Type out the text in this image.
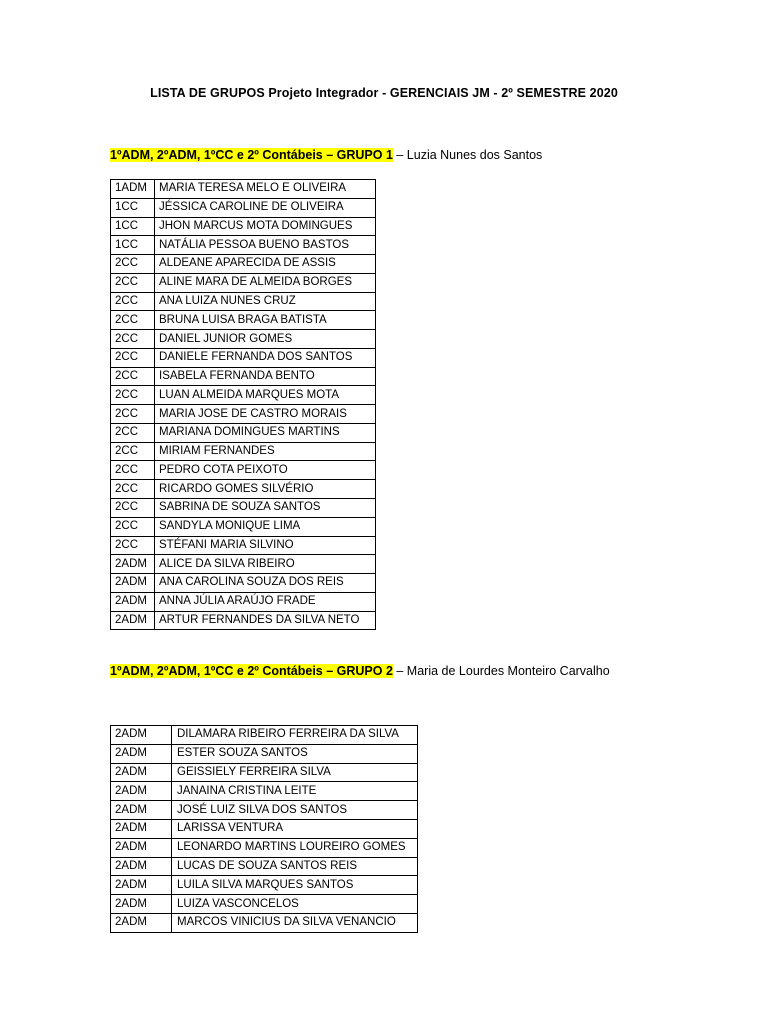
LISTA DE GRUPOS Projeto Integrador - GERENCIAIS JM - 2º SEMESTRE 2020
1ºADM, 2ºADM, 1ºCC e 2º Contábeis – GRUPO 1 – Luzia Nunes dos Santos
1ADM	MARIA TERESA MELO E OLIVEIRA
1CC	JÉSSICA CAROLINE DE OLIVEIRA
1CC	JHON MARCUS MOTA DOMINGUES
1CC	NATÁLIA PESSOA BUENO BASTOS
2CC	ALDEANE APARECIDA DE ASSIS
2CC	ALINE MARA DE ALMEIDA BORGES
2CC	ANA LUIZA NUNES CRUZ
2CC	BRUNA LUISA BRAGA BATISTA
2CC	DANIEL JUNIOR GOMES
2CC	DANIELE FERNANDA DOS SANTOS
2CC	ISABELA FERNANDA BENTO
2CC	LUAN ALMEIDA MARQUES MOTA
2CC	MARIA JOSE DE CASTRO MORAIS
2CC	MARIANA DOMINGUES MARTINS
2CC	MIRIAM FERNANDES
2CC	PEDRO COTA PEIXOTO
2CC	RICARDO GOMES SILVÉRIO
2CC	SABRINA DE SOUZA SANTOS
2CC	SANDYLA MONIQUE LIMA
2CC	STÉFANI MARIA SILVINO
2ADM	ALICE DA SILVA RIBEIRO
2ADM	ANA CAROLINA SOUZA DOS REIS
2ADM	ANNA JÚLIA ARAÚJO FRADE
2ADM	ARTUR FERNANDES DA SILVA NETO
1ºADM, 2ºADM, 1ºCC e 2º Contábeis – GRUPO 2 – Maria de Lourdes Monteiro Carvalho
2ADM	DILAMARA RIBEIRO FERREIRA DA SILVA
2ADM	ESTER SOUZA SANTOS
2ADM	GEISSIELY FERREIRA SILVA
2ADM	JANAINA CRISTINA LEITE
2ADM	JOSÉ LUIZ SILVA DOS SANTOS
2ADM	LARISSA VENTURA
2ADM	LEONARDO MARTINS LOUREIRO GOMES
2ADM	LUCAS DE SOUZA SANTOS REIS
2ADM	LUILA SILVA MARQUES SANTOS
2ADM	LUIZA VASCONCELOS
2ADM	MARCOS VINICIUS DA SILVA VENANCIO
